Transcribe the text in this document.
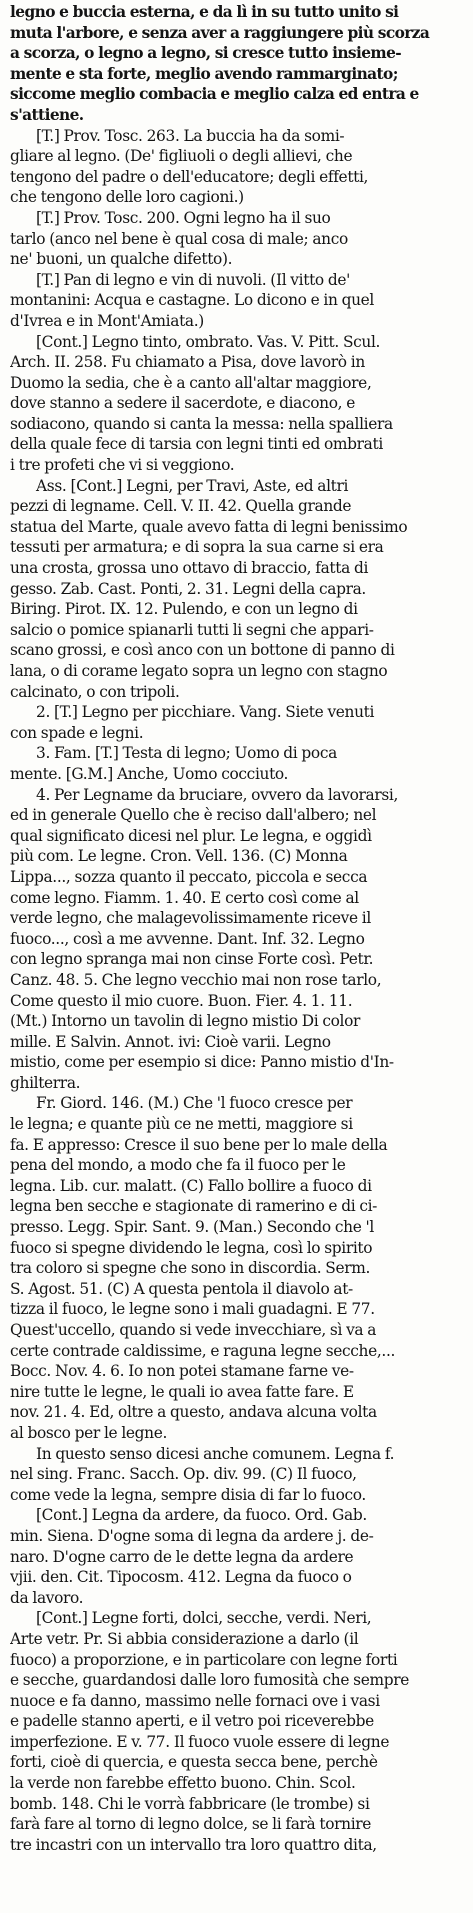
legno e buccia esterna, e da lì in su tutto unito si
muta l'arbore, e senza aver a raggiungere più scorza
a scorza, o legno a legno, si cresce tutto insieme-
mente e sta forte, meglio avendo rammarginato;
siccome meglio combacia e meglio calza ed entra e
s'attiene.
[T.] Prov. Tosc. 263. La buccia ha da somi-
gliare al legno. (De' figliuoli o degli allievi, che
tengono del padre o dell'educatore; degli effetti,
che tengono delle loro cagioni.)
[T.] Prov. Tosc. 200. Ogni legno ha il suo
tarlo (anco nel bene è qual cosa di male; anco
ne' buoni, un qualche difetto).
[T.] Pan di legno e vin di nuvoli. (Il vitto de'
montanini: Acqua e castagne. Lo dicono e in quel
d'Ivrea e in Mont'Amiata.)
[Cont.] Legno tinto, ombrato. Vas. V. Pitt. Scul.
Arch. II. 258. Fu chiamato a Pisa, dove lavorò in
Duomo la sedia, che è a canto all'altar maggiore,
dove stanno a sedere il sacerdote, e diacono, e
sodiacono, quando si canta la messa: nella spalliera
della quale fece di tarsia con legni tinti ed ombrati
i tre profeti che vi si veggiono.
Ass. [Cont.] Legni, per Travi, Aste, ed altri
pezzi di legname. Cell. V. II. 42. Quella grande
statua del Marte, quale avevo fatta di legni benissimo
tessuti per armatura; e di sopra la sua carne si era
una crosta, grossa uno ottavo di braccio, fatta di
gesso. Zab. Cast. Ponti, 2. 31. Legni della capra.
Biring. Pirot. IX. 12. Pulendo, e con un legno di
salcio o pomice spianarli tutti li segni che appari-
scano grossi, e così anco con un bottone di panno di
lana, o di corame legato sopra un legno con stagno
calcinato, o con tripoli.
2. [T.] Legno per picchiare. Vang. Siete venuti
con spade e legni.
3. Fam. [T.] Testa di legno; Uomo di poca
mente. [G.M.] Anche, Uomo cocciuto.
4. Per Legname da bruciare, ovvero da lavorarsi,
ed in generale Quello che è reciso dall'albero; nel
qual significato dicesi nel plur. Le legna, e oggidì
più com. Le legne. Cron. Vell. 136. (C) Monna
Lippa..., sozza quanto il peccato, piccola e secca
come legno. Fiamm. 1. 40. E certo così come al
verde legno, che malagevolissimamente riceve il
fuoco..., così a me avvenne. Dant. Inf. 32. Legno
con legno spranga mai non cinse Forte così. Petr.
Canz. 48. 5. Che legno vecchio mai non rose tarlo,
Come questo il mio cuore. Buon. Fier. 4. 1. 11.
(Mt.) Intorno un tavolin di legno mistio Di color
mille. E Salvin. Annot. ivi: Cioè varii. Legno
mistio, come per esempio si dice: Panno mistio d'In-
ghilterra.
Fr. Giord. 146. (M.) Che 'l fuoco cresce per
le legna; e quante più ce ne metti, maggiore si
fa. E appresso: Cresce il suo bene per lo male della
pena del mondo, a modo che fa il fuoco per le
legna. Lib. cur. malatt. (C) Fallo bollire a fuoco di
legna ben secche e stagionate di ramerino e di ci-
presso. Legg. Spir. Sant. 9. (Man.) Secondo che 'l
fuoco si spegne dividendo le legna, così lo spirito
tra coloro si spegne che sono in discordia. Serm.
S. Agost. 51. (C) A questa pentola il diavolo at-
tizza il fuoco, le legne sono i mali guadagni. E 77.
Quest'uccello, quando si vede invecchiare, sì va a
certe contrade caldissime, e raguna legne secche,...
Bocc. Nov. 4. 6. Io non potei stamane farne ve-
nire tutte le legne, le quali io avea fatte fare. E
nov. 21. 4. Ed, oltre a questo, andava alcuna volta
al bosco per le legne.
In questo senso dicesi anche comunem. Legna f.
nel sing. Franc. Sacch. Op. div. 99. (C) Il fuoco,
come vede la legna, sempre disia di far lo fuoco.
[Cont.] Legna da ardere, da fuoco. Ord. Gab.
min. Siena. D'ogne soma di legna da ardere j. de-
naro. D'ogne carro de le dette legna da ardere
vjii. den. Cit. Tipocosm. 412. Legna da fuoco o
da lavoro.
[Cont.] Legne forti, dolci, secche, verdi. Neri,
Arte vetr. Pr. Si abbia considerazione a darlo (il
fuoco) a proporzione, e in particolare con legne forti
e secche, guardandosi dalle loro fumosità che sempre
nuoce e fa danno, massimo nelle fornaci ove i vasi
e padelle stanno aperti, e il vetro poi riceverebbe
imperfezione. E v. 77. Il fuoco vuole essere di legne
forti, cioè di quercia, e questa secca bene, perchè
la verde non farebbe effetto buono. Chin. Scol.
bomb. 148. Chi le vorrà fabbricare (le trombe) si
farà fare al torno di legno dolce, se li farà tornire
tre incastri con un intervallo tra loro quattro dita,
